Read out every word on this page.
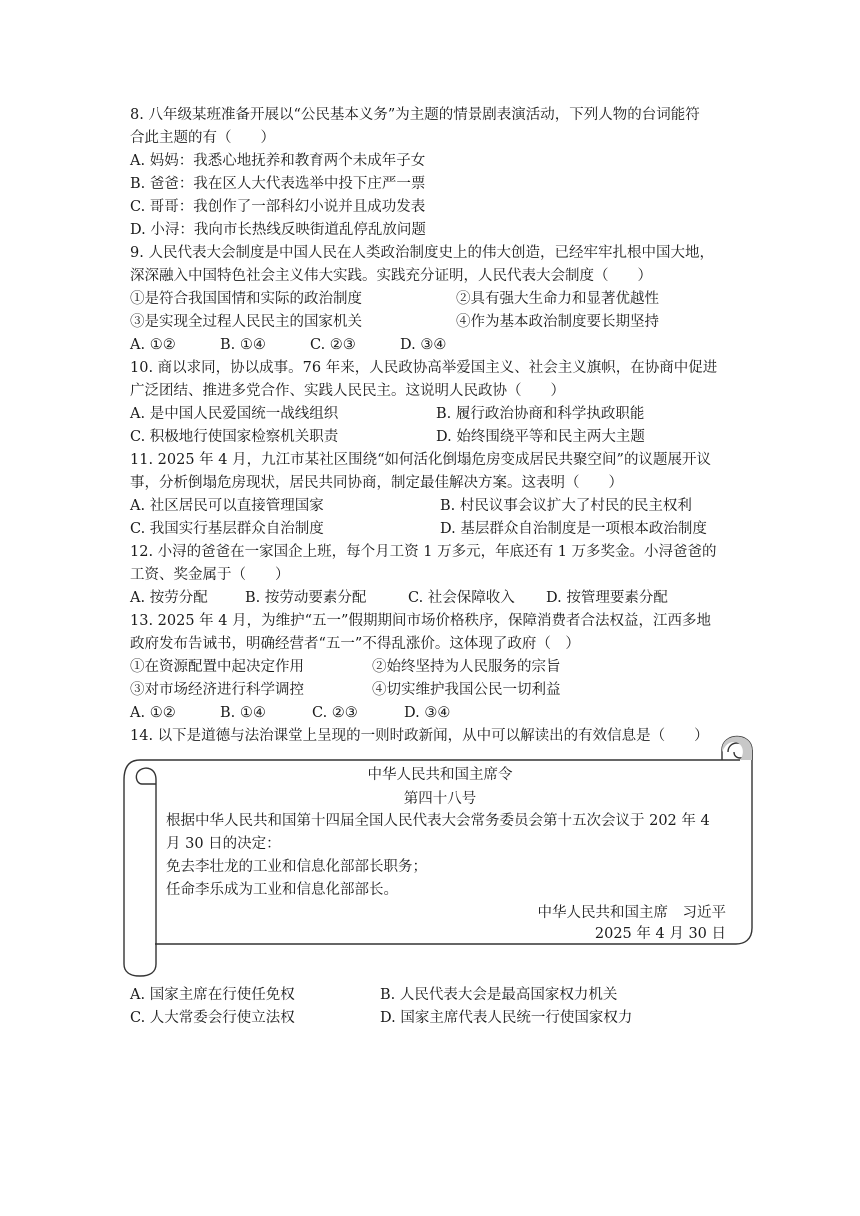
8. 八年级某班准备开展以“公民基本义务”为主题的情景剧表演活动，下列人物的台词能符
合此主题的有（　　）
A. 妈妈：我悉心地抚养和教育两个未成年子女
B. 爸爸：我在区人大代表选举中投下庄严一票
C. 哥哥：我创作了一部科幻小说并且成功发表
D. 小浔：我向市长热线反映街道乱停乱放问题
9. 人民代表大会制度是中国人民在人类政治制度史上的伟大创造，已经牢牢扎根中国大地，
深深融入中国特色社会主义伟大实践。实践充分证明，人民代表大会制度（　　）
①是符合我国国情和实际的政治制度	②具有强大生命力和显著优越性
③是实现全过程人民民主的国家机关	④作为基本政治制度要长期坚持
A. ①②	B. ①④	C. ②③	D. ③④
10. 商以求同，协以成事。76 年来，人民政协高举爱国主义、社会主义旗帜，在协商中促进
广泛团结、推进多党合作、实践人民民主。这说明人民政协（　　）
A. 是中国人民爱国统一战线组织	B. 履行政治协商和科学执政职能
C. 积极地行使国家检察机关职责	D. 始终围绕平等和民主两大主题
11. 2025 年 4 月，九江市某社区围绕“如何活化倒塌危房变成居民共聚空间”的议题展开议
事，分析倒塌危房现状，居民共同协商，制定最佳解决方案。这表明（　　）
A. 社区居民可以直接管理国家	B. 村民议事会议扩大了村民的民主权利
C. 我国实行基层群众自治制度	D. 基层群众自治制度是一项根本政治制度
12. 小浔的爸爸在一家国企上班，每个月工资 1 万多元，年底还有 1 万多奖金。小浔爸爸的
工资、奖金属于（　　）
A. 按劳分配	B. 按劳动要素分配	C. 社会保障收入 D. 按管理要素分配
13. 2025 年 4 月，为维护“五一”假期期间市场价格秩序，保障消费者合法权益，江西多地
政府发布告诫书，明确经营者“五一”不得乱涨价。这体现了政府（　）
①在资源配置中起决定作用	②始终坚持为人民服务的宗旨
③对市场经济进行科学调控	④切实维护我国公民一切利益
A. ①②	B. ①④	C. ②③	D. ③④
14. 以下是道德与法治课堂上呈现的一则时政新闻，从中可以解读出的有效信息是（　　）
中华人民共和国主席令
第四十八号
根据中华人民共和国第十四届全国人民代表大会常务委员会第十五次会议于 202 年 4
月 30 日的决定：
免去李壮龙的工业和信息化部部长职务；
任命李乐成为工业和信息化部部长。
中华人民共和国主席　习近平
2025 年 4 月 30 日
A. 国家主席在行使任免权	B. 人民代表大会是最高国家权力机关
C. 人大常委会行使立法权	D. 国家主席代表人民统一行使国家权力
